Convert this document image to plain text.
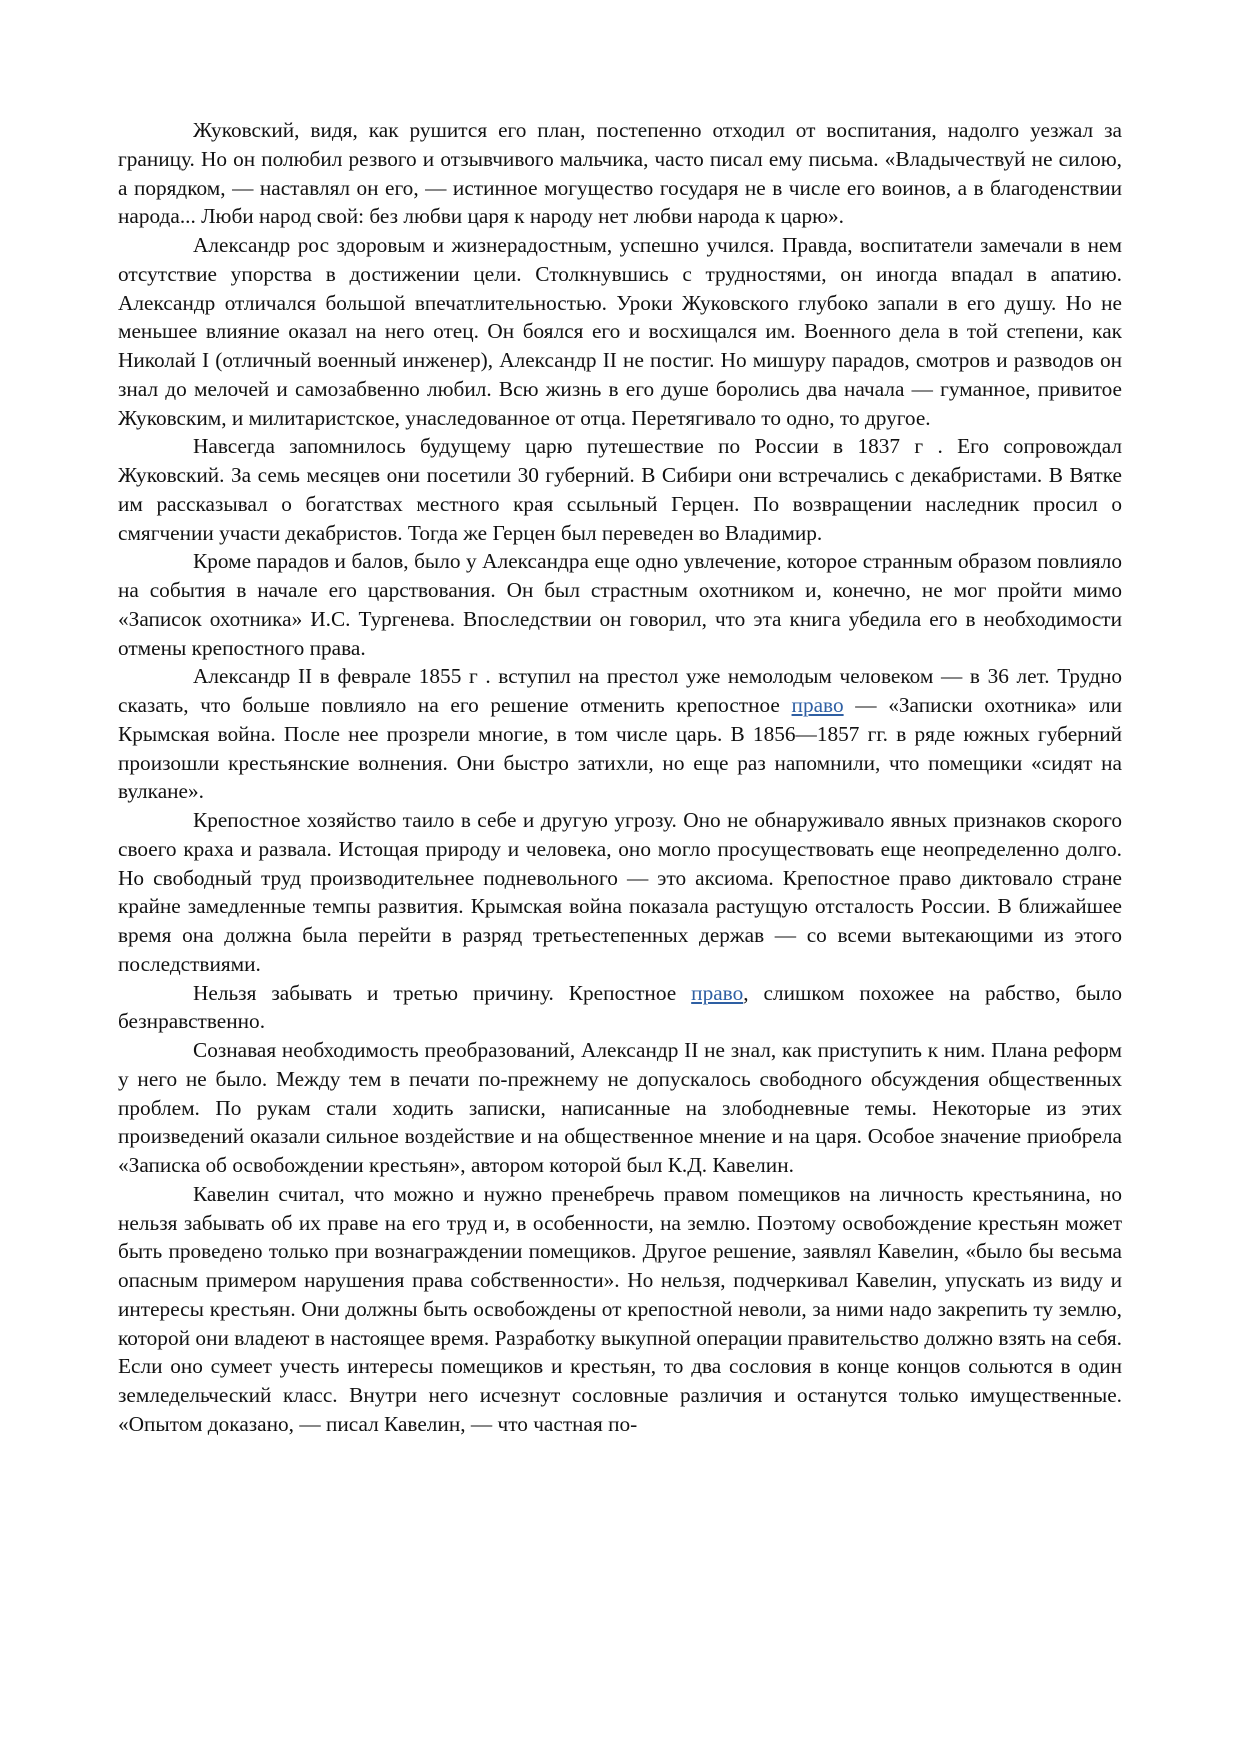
Жуковский, видя, как рушится его план, постепенно отходил от воспитания, надолго уезжал за границу. Но он полюбил резвого и отзывчивого мальчика, часто писал ему письма. «Владычествуй не силою, а порядком, — наставлял он его, — истинное могущество государя не в числе его воинов, а в благоденствии народа... Люби народ свой: без любви царя к народу нет любви народа к царю».

Александр рос здоровым и жизнерадостным, успешно учился. Правда, воспитатели замечали в нем отсутствие упорства в достижении цели. Столкнувшись с трудностями, он иногда впадал в апатию. Александр отличался большой впечатлительностью. Уроки Жуковского глубоко запали в его душу. Но не меньшее влияние оказал на него отец. Он боялся его и восхищался им. Военного дела в той степени, как Николай I (отличный военный инженер), Александр II не постиг. Но мишуру парадов, смотров и разводов он знал до мелочей и самозабвенно любил. Всю жизнь в его душе боролись два начала — гуманное, привитое Жуковским, и милитаристское, унаследованное от отца. Перетягивало то одно, то другое.

Навсегда запомнилось будущему царю путешествие по России в 1837 г . Его сопровождал Жуковский. За семь месяцев они посетили 30 губерний. В Сибири они встречались с декабристами. В Вятке им рассказывал о богатствах местного края ссыльный Герцен. По возвращении наследник просил о смягчении участи декабристов. Тогда же Герцен был переведен во Владимир.

Кроме парадов и балов, было у Александра еще одно увлечение, которое странным образом повлияло на события в начале его царствования. Он был страстным охотником и, конечно, не мог пройти мимо «Записок охотника» И.С. Тургенева. Впоследствии он говорил, что эта книга убедила его в необходимости отмены крепостного права.

Александр II в феврале 1855 г . вступил на престол уже немолодым человеком — в 36 лет. Трудно сказать, что больше повлияло на его решение отменить крепостное право — «Записки охотника» или Крымская война. После нее прозрели многие, в том числе царь. В 1856—1857 гг. в ряде южных губерний произошли крестьянские волнения. Они быстро затихли, но еще раз напомнили, что помещики «сидят на вулкане».

Крепостное хозяйство таило в себе и другую угрозу. Оно не обнаруживало явных признаков скорого своего краха и развала. Истощая природу и человека, оно могло просуществовать еще неопределенно долго. Но свободный труд производительнее подневольного — это аксиома. Крепостное право диктовало стране крайне замедленные темпы развития. Крымская война показала растущую отсталость России. В ближайшее время она должна была перейти в разряд третьестепенных держав — со всеми вытекающими из этого последствиями.

Нельзя забывать и третью причину. Крепостное право, слишком похожее на рабство, было безнравственно.

Сознавая необходимость преобразований, Александр II не знал, как приступить к ним. Плана реформ у него не было. Между тем в печати по-прежнему не допускалось свободного обсуждения общественных проблем. По рукам стали ходить записки, написанные на злободневные темы. Некоторые из этих произведений оказали сильное воздействие и на общественное мнение и на царя. Особое значение приобрела «Записка об освобождении крестьян», автором которой был К.Д. Кавелин.

Кавелин считал, что можно и нужно пренебречь правом помещиков на личность крестьянина, но нельзя забывать об их праве на его труд и, в особенности, на землю. Поэтому освобождение крестьян может быть проведено только при вознаграждении помещиков. Другое решение, заявлял Кавелин, «было бы весьма опасным примером нарушения права собственности». Но нельзя, подчеркивал Кавелин, упускать из виду и интересы крестьян. Они должны быть освобождены от крепостной неволи, за ними надо закрепить ту землю, которой они владеют в настоящее время. Разработку выкупной операции правительство должно взять на себя. Если оно сумеет учесть интересы помещиков и крестьян, то два сословия в конце концов сольются в один земледельческий класс. Внутри него исчезнут сословные различия и останутся только имущественные. «Опытом доказано, — писал Кавелин, — что частная по-
